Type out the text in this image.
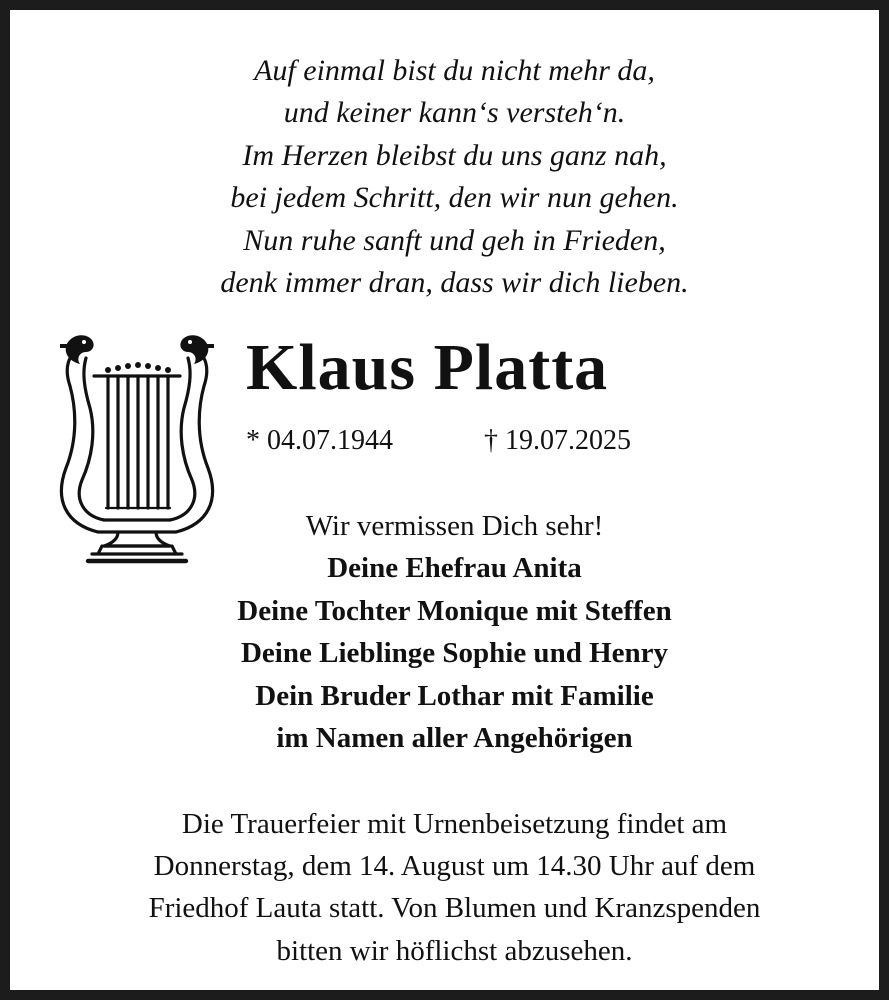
Auf einmal bist du nicht mehr da,
und keiner kann‘s versteh‘n.
Im Herzen bleibst du uns ganz nah,
bei jedem Schritt, den wir nun gehen.
Nun ruhe sanft und geh in Frieden,
denk immer dran, dass wir dich lieben.
Klaus Platta
* 04.07.1944	† 19.07.2025
Wir vermissen Dich sehr!
Deine Ehefrau Anita
Deine Tochter Monique mit Steffen
Deine Lieblinge Sophie und Henry
Dein Bruder Lothar mit Familie
im Namen aller Angehörigen
Die Trauerfeier mit Urnenbeisetzung findet am
Donnerstag, dem 14. August um 14.30 Uhr auf dem
Friedhof Lauta statt. Von Blumen und Kranzspenden
bitten wir höflichst abzusehen.
